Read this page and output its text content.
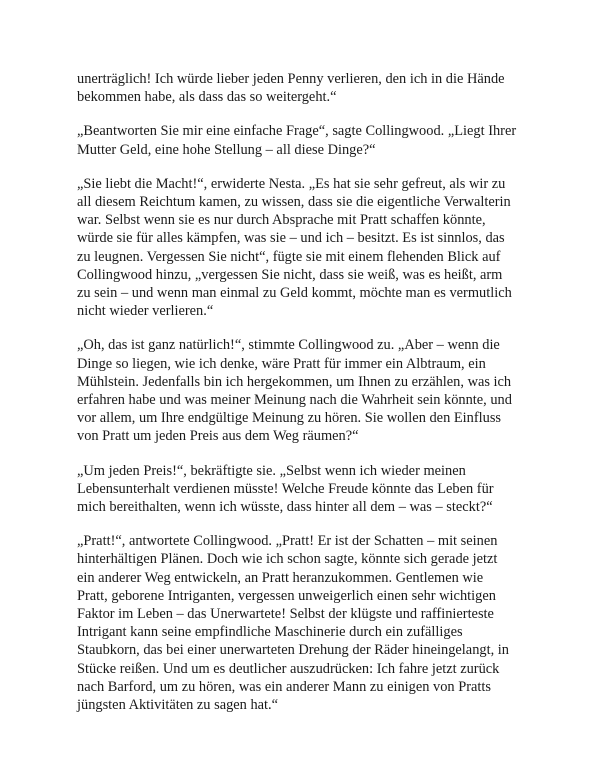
unerträglich! Ich würde lieber jeden Penny verlieren, den ich in die Hände
bekommen habe, als dass das so weitergeht.“

„Beantworten Sie mir eine einfache Frage“, sagte Collingwood. „Liegt Ihrer
Mutter Geld, eine hohe Stellung – all diese Dinge?“

„Sie liebt die Macht!“, erwiderte Nesta. „Es hat sie sehr gefreut, als wir zu
all diesem Reichtum kamen, zu wissen, dass sie die eigentliche Verwalterin
war. Selbst wenn sie es nur durch Absprache mit Pratt schaffen könnte,
würde sie für alles kämpfen, was sie – und ich – besitzt. Es ist sinnlos, das
zu leugnen. Vergessen Sie nicht“, fügte sie mit einem flehenden Blick auf
Collingwood hinzu, „vergessen Sie nicht, dass sie weiß, was es heißt, arm
zu sein – und wenn man einmal zu Geld kommt, möchte man es vermutlich
nicht wieder verlieren.“

„Oh, das ist ganz natürlich!“, stimmte Collingwood zu. „Aber – wenn die
Dinge so liegen, wie ich denke, wäre Pratt für immer ein Albtraum, ein
Mühlstein. Jedenfalls bin ich hergekommen, um Ihnen zu erzählen, was ich
erfahren habe und was meiner Meinung nach die Wahrheit sein könnte, und
vor allem, um Ihre endgültige Meinung zu hören. Sie wollen den Einfluss
von Pratt um jeden Preis aus dem Weg räumen?“

„Um jeden Preis!“, bekräftigte sie. „Selbst wenn ich wieder meinen
Lebensunterhalt verdienen müsste! Welche Freude könnte das Leben für
mich bereithalten, wenn ich wüsste, dass hinter all dem – was – steckt?“

„Pratt!“, antwortete Collingwood. „Pratt! Er ist der Schatten – mit seinen
hinterhältigen Plänen. Doch wie ich schon sagte, könnte sich gerade jetzt
ein anderer Weg entwickeln, an Pratt heranzukommen. Gentlemen wie
Pratt, geborene Intriganten, vergessen unweigerlich einen sehr wichtigen
Faktor im Leben – das Unerwartete! Selbst der klügste und raffinierteste
Intrigant kann seine empfindliche Maschinerie durch ein zufälliges
Staubkorn, das bei einer unerwarteten Drehung der Räder hineingelangt, in
Stücke reißen. Und um es deutlicher auszudrücken: Ich fahre jetzt zurück
nach Barford, um zu hören, was ein anderer Mann zu einigen von Pratts
jüngsten Aktivitäten zu sagen hat.“
